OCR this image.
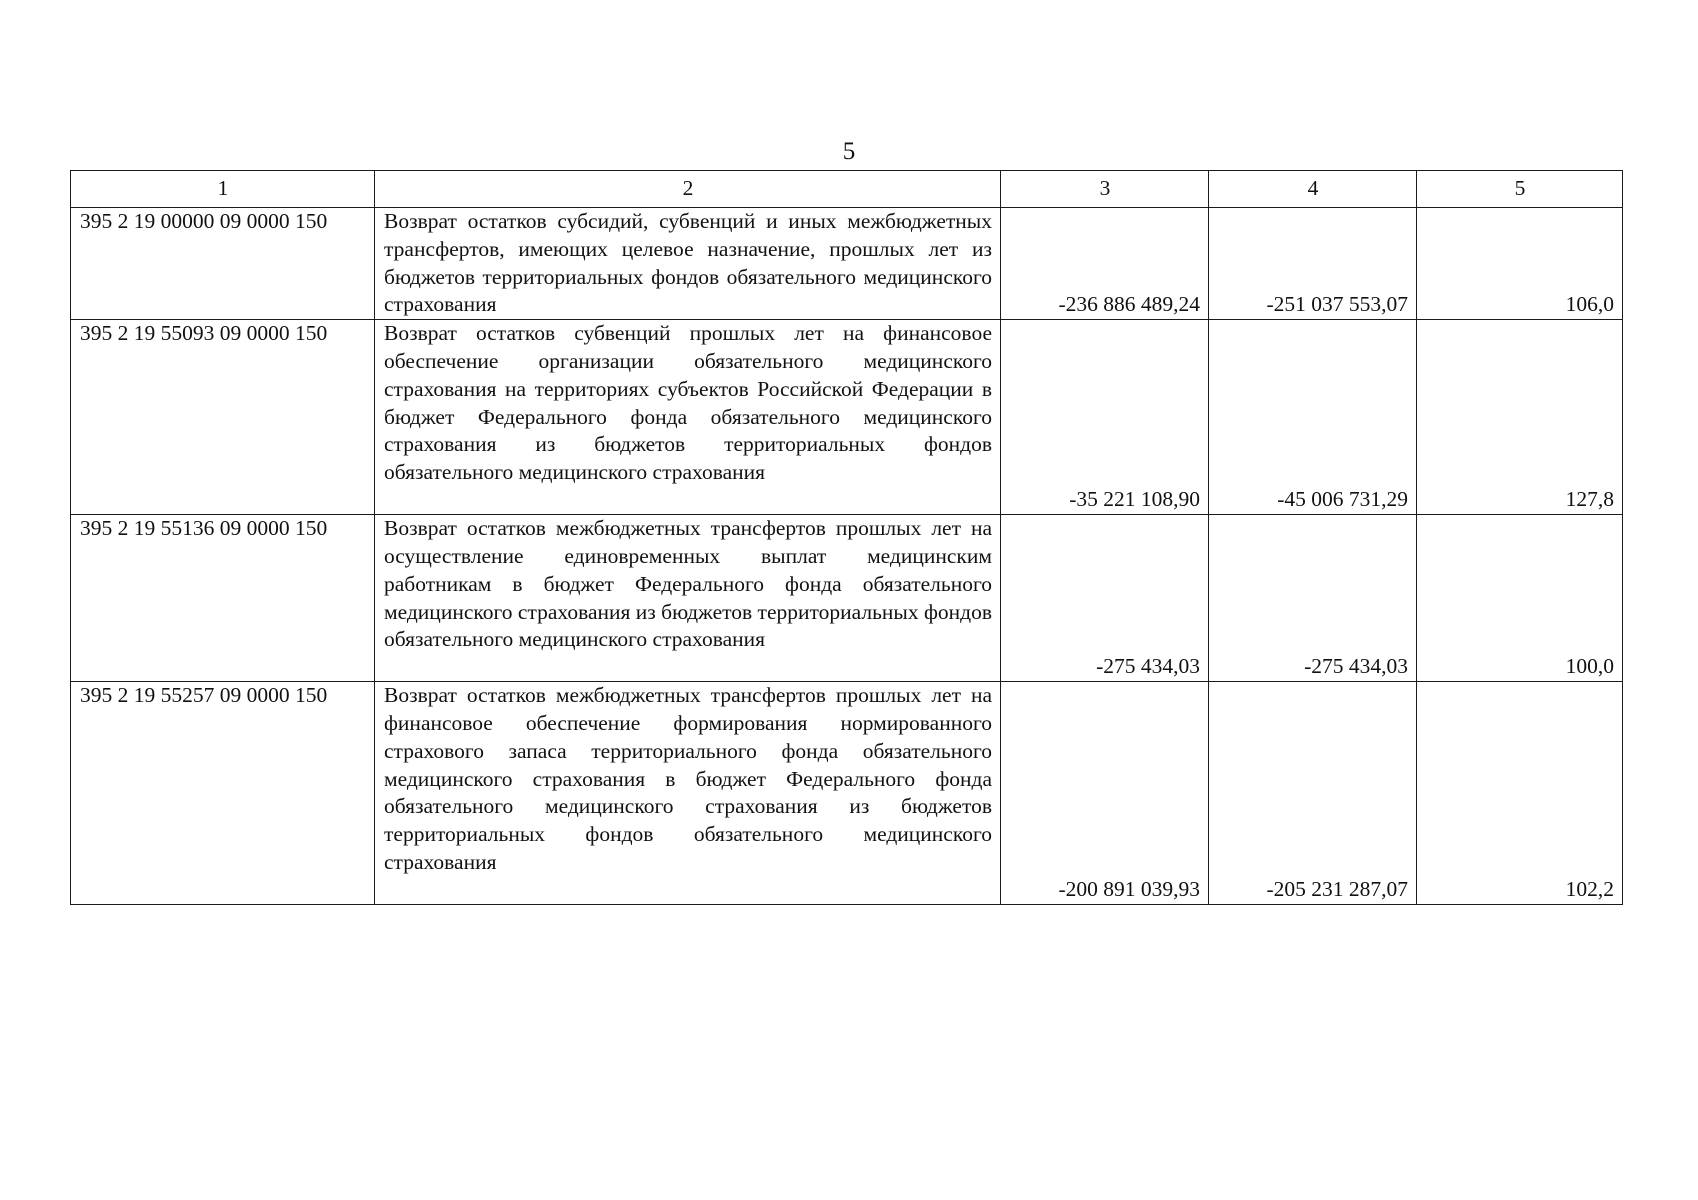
5
1	2	3	4	5
395 2 19 00000 09 0000 150	Возврат остатков субсидий, субвенций и иных межбюджетных трансфертов, имеющих целевое назначение, прошлых лет из бюджетов территориальных фондов обязательного медицинского страхования	-236 886 489,24	-251 037 553,07	106,0
395 2 19 55093 09 0000 150	Возврат остатков субвенций прошлых лет на финансовое обеспечение организации обязательного медицинского страхования на территориях субъектов Российской Федерации в бюджет Федерального фонда обязательного медицинского страхования из бюджетов территориальных фондов обязательного медицинского страхования	-35 221 108,90	-45 006 731,29	127,8
395 2 19 55136 09 0000 150	Возврат остатков межбюджетных трансфертов прошлых лет на осуществление единовременных выплат медицинским работникам в бюджет Федерального фонда обязательного медицинского страхования из бюджетов территориальных фондов обязательного медицинского страхования	-275 434,03	-275 434,03	100,0
395 2 19 55257 09 0000 150	Возврат остатков межбюджетных трансфертов прошлых лет на финансовое обеспечение формирования нормированного страхового запаса территориального фонда обязательного медицинского страхования в бюджет Федерального фонда обязательного медицинского страхования из бюджетов территориальных фондов обязательного медицинского страхования	-200 891 039,93	-205 231 287,07	102,2
